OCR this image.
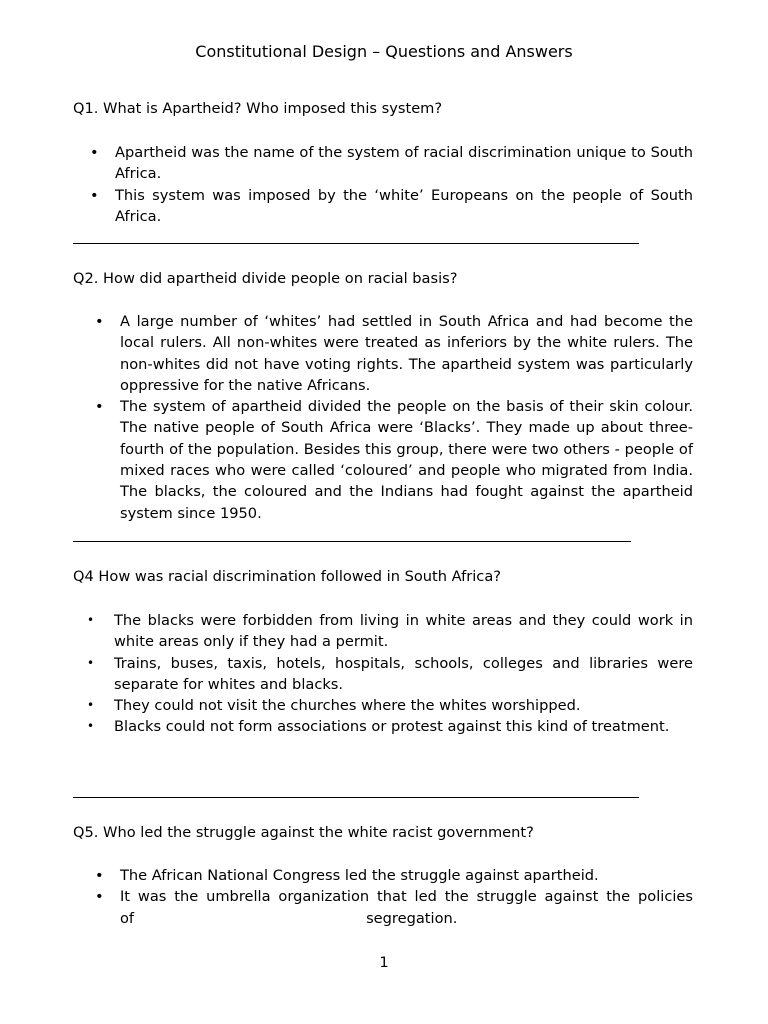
Constitutional Design – Questions and Answers

Q1. What is Apartheid? Who imposed this system?

• Apartheid was the name of the system of racial discrimination unique to South Africa.
• This system was imposed by the ‘white’ Europeans on the people of South Africa.

Q2. How did apartheid divide people on racial basis?

• A large number of ‘whites’ had settled in South Africa and had become the local rulers. All non-whites were treated as inferiors by the white rulers. The non-whites did not have voting rights. The apartheid system was particularly oppressive for the native Africans.
• The system of apartheid divided the people on the basis of their skin colour. The native people of South Africa were ‘Blacks’. They made up about three-fourth of the population. Besides this group, there were two others - people of mixed races who were called ‘coloured’ and people who migrated from India. The blacks, the coloured and the Indians had fought against the apartheid system since 1950.

Q4 How was racial discrimination followed in South Africa?

• The blacks were forbidden from living in white areas and they could work in white areas only if they had a permit.
• Trains, buses, taxis, hotels, hospitals, schools, colleges and libraries were separate for whites and blacks.
• They could not visit the churches where the whites worshipped.
• Blacks could not form associations or protest against this kind of treatment.

Q5. Who led the struggle against the white racist government?

• The African National Congress led the struggle against apartheid.
• It was the umbrella organization that led the struggle against the policies
of	segregation.
1
